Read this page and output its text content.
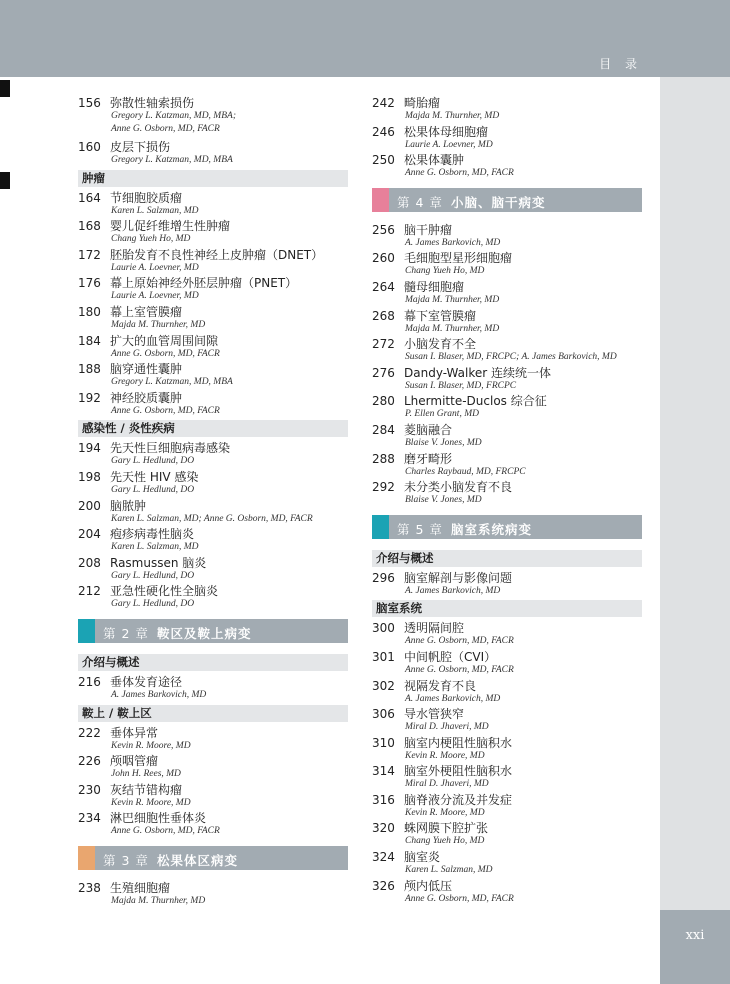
目 录
xxi
156 弥散性轴索损伤
Gregory L. Katzman, MD, MBA;
Anne G. Osborn, MD, FACR
160 皮层下损伤
Gregory L. Katzman, MD, MBA
肿瘤
164 节细胞胶质瘤
Karen L. Salzman, MD
168 婴儿促纤维增生性肿瘤
Chang Yueh Ho, MD
172 胚胎发育不良性神经上皮肿瘤（DNET）
Laurie A. Loevner, MD
176 幕上原始神经外胚层肿瘤（PNET）
Laurie A. Loevner, MD
180 幕上室管膜瘤
Majda M. Thurnher, MD
184 扩大的血管周围间隙
Anne G. Osborn, MD, FACR
188 脑穿通性囊肿
Gregory L. Katzman, MD, MBA
192 神经胶质囊肿
Anne G. Osborn, MD, FACR
感染性 / 炎性疾病
194 先天性巨细胞病毒感染
Gary L. Hedlund, DO
198 先天性 HIV 感染
Gary L. Hedlund, DO
200 脑脓肿
Karen L. Salzman, MD; Anne G. Osborn, MD, FACR
204 疱疹病毒性脑炎
Karen L. Salzman, MD
208 Rasmussen 脑炎
Gary L. Hedlund, DO
212 亚急性硬化性全脑炎
Gary L. Hedlund, DO
第 2 章 鞍区及鞍上病变
介绍与概述
216 垂体发育途径
A. James Barkovich, MD
鞍上 / 鞍上区
222 垂体异常
Kevin R. Moore, MD
226 颅咽管瘤
John H. Rees, MD
230 灰结节错构瘤
Kevin R. Moore, MD
234 淋巴细胞性垂体炎
Anne G. Osborn, MD, FACR
第 3 章 松果体区病变
238 生殖细胞瘤
Majda M. Thurnher, MD
242 畸胎瘤
Majda M. Thurnher, MD
246 松果体母细胞瘤
Laurie A. Loevner, MD
250 松果体囊肿
Anne G. Osborn, MD, FACR
第 4 章 小脑、脑干病变
256 脑干肿瘤
A. James Barkovich, MD
260 毛细胞型星形细胞瘤
Chang Yueh Ho, MD
264 髓母细胞瘤
Majda M. Thurnher, MD
268 幕下室管膜瘤
Majda M. Thurnher, MD
272 小脑发育不全
Susan I. Blaser, MD, FRCPC; A. James Barkovich, MD
276 Dandy-Walker 连续统一体
Susan I. Blaser, MD, FRCPC
280 Lhermitte-Duclos 综合征
P. Ellen Grant, MD
284 菱脑融合
Blaise V. Jones, MD
288 磨牙畸形
Charles Raybaud, MD, FRCPC
292 未分类小脑发育不良
Blaise V. Jones, MD
第 5 章 脑室系统病变
介绍与概述
296 脑室解剖与影像问题
A. James Barkovich, MD
脑室系统
300 透明隔间腔
Anne G. Osborn, MD, FACR
301 中间帆腔（CVI）
Anne G. Osborn, MD, FACR
302 视隔发育不良
A. James Barkovich, MD
306 导水管狭窄
Miral D. Jhaveri, MD
310 脑室内梗阻性脑积水
Kevin R. Moore, MD
314 脑室外梗阻性脑积水
Miral D. Jhaveri, MD
316 脑脊液分流及并发症
Kevin R. Moore, MD
320 蛛网膜下腔扩张
Chang Yueh Ho, MD
324 脑室炎
Karen L. Salzman, MD
326 颅内低压
Anne G. Osborn, MD, FACR
